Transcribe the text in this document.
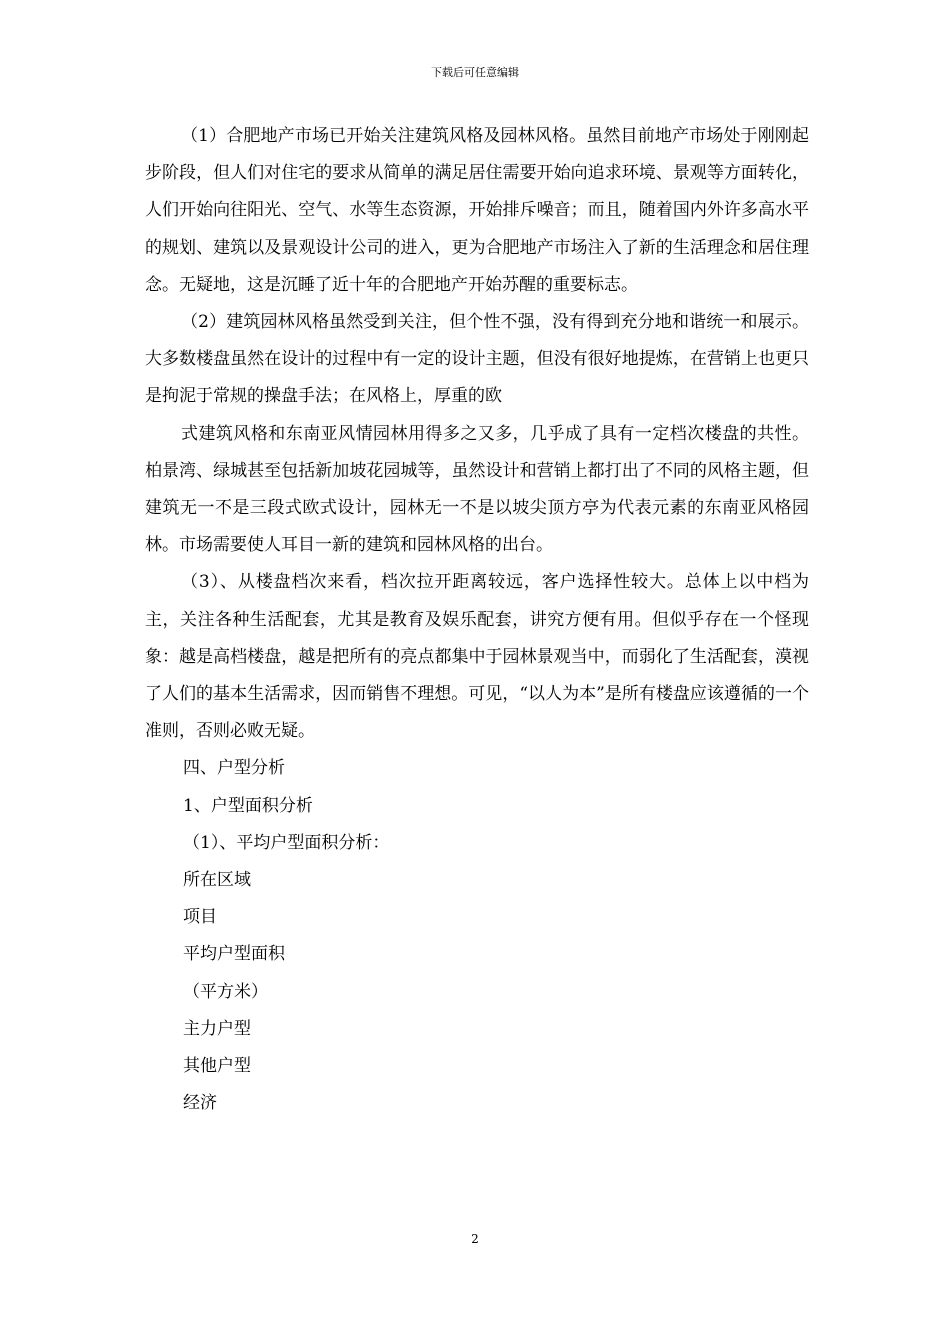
下载后可任意编辑

（1）合肥地产市场已开始关注建筑风格及园林风格。虽然目前地产市场处于刚刚起步阶段，但人们对住宅的要求从简单的满足居住需要开始向追求环境、景观等方面转化，人们开始向往阳光、空气、水等生态资源，开始排斥噪音；而且，随着国内外许多高水平的规划、建筑以及景观设计公司的进入，更为合肥地产市场注入了新的生活理念和居住理念。无疑地，这是沉睡了近十年的合肥地产开始苏醒的重要标志。

（2）建筑园林风格虽然受到关注，但个性不强，没有得到充分地和谐统一和展示。大多数楼盘虽然在设计的过程中有一定的设计主题，但没有很好地提炼，在营销上也更只是拘泥于常规的操盘手法；在风格上，厚重的欧

式建筑风格和东南亚风情园林用得多之又多，几乎成了具有一定档次楼盘的共性。柏景湾、绿城甚至包括新加坡花园城等，虽然设计和营销上都打出了不同的风格主题，但建筑无一不是三段式欧式设计，园林无一不是以坡尖顶方亭为代表元素的东南亚风格园林。市场需要使人耳目一新的建筑和园林风格的出台。

（3）、从楼盘档次来看，档次拉开距离较远，客户选择性较大。总体上以中档为主，关注各种生活配套，尤其是教育及娱乐配套，讲究方便有用。但似乎存在一个怪现象：越是高档楼盘，越是把所有的亮点都集中于园林景观当中，而弱化了生活配套，漠视了人们的基本生活需求，因而销售不理想。可见，“以人为本”是所有楼盘应该遵循的一个准则，否则必败无疑。

四、户型分析

1、户型面积分析

（1）、平均户型面积分析：

所在区域

项目

平均户型面积

（平方米）

主力户型

其他户型

经济

2
